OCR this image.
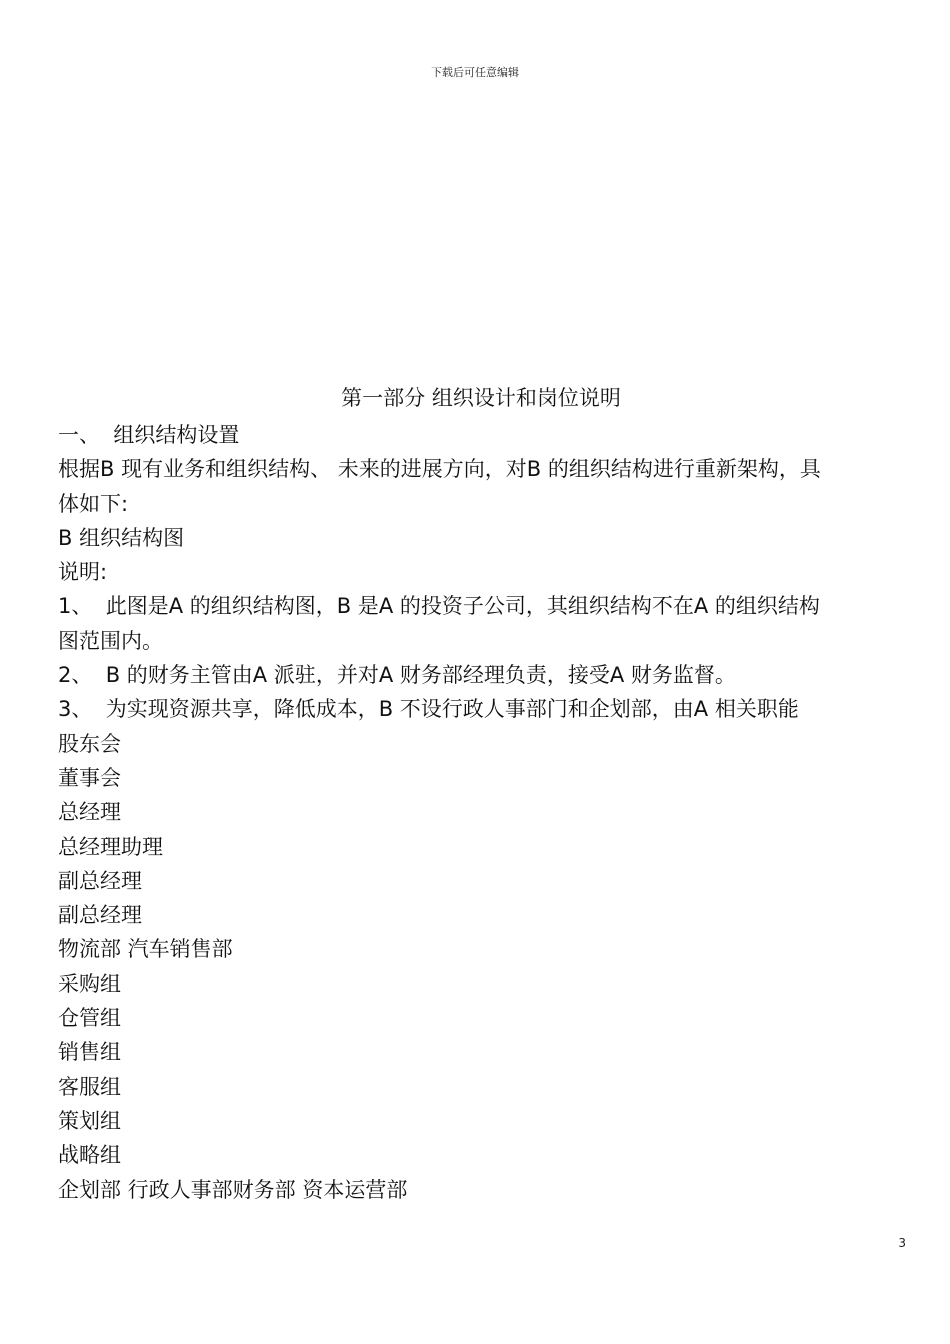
下载后可任意编辑
第一部分 组织设计和岗位说明
一、  组织结构设置
根据B 现有业务和组织结构、 未来的进展方向，对B 的组织结构进行重新架构，具
体如下:
B 组织结构图
说明:
1、  此图是A 的组织结构图，B 是A 的投资子公司，其组织结构不在A 的组织结构
图范围内。
2、  B 的财务主管由A 派驻，并对A 财务部经理负责，接受A 财务监督。
3、  为实现资源共享，降低成本，B 不设行政人事部门和企划部，由A 相关职能
股东会
董事会
总经理
总经理助理
副总经理
副总经理
物流部 汽车销售部
采购组
仓管组
销售组
客服组
策划组
战略组
企划部 行政人事部财务部 资本运营部
3
